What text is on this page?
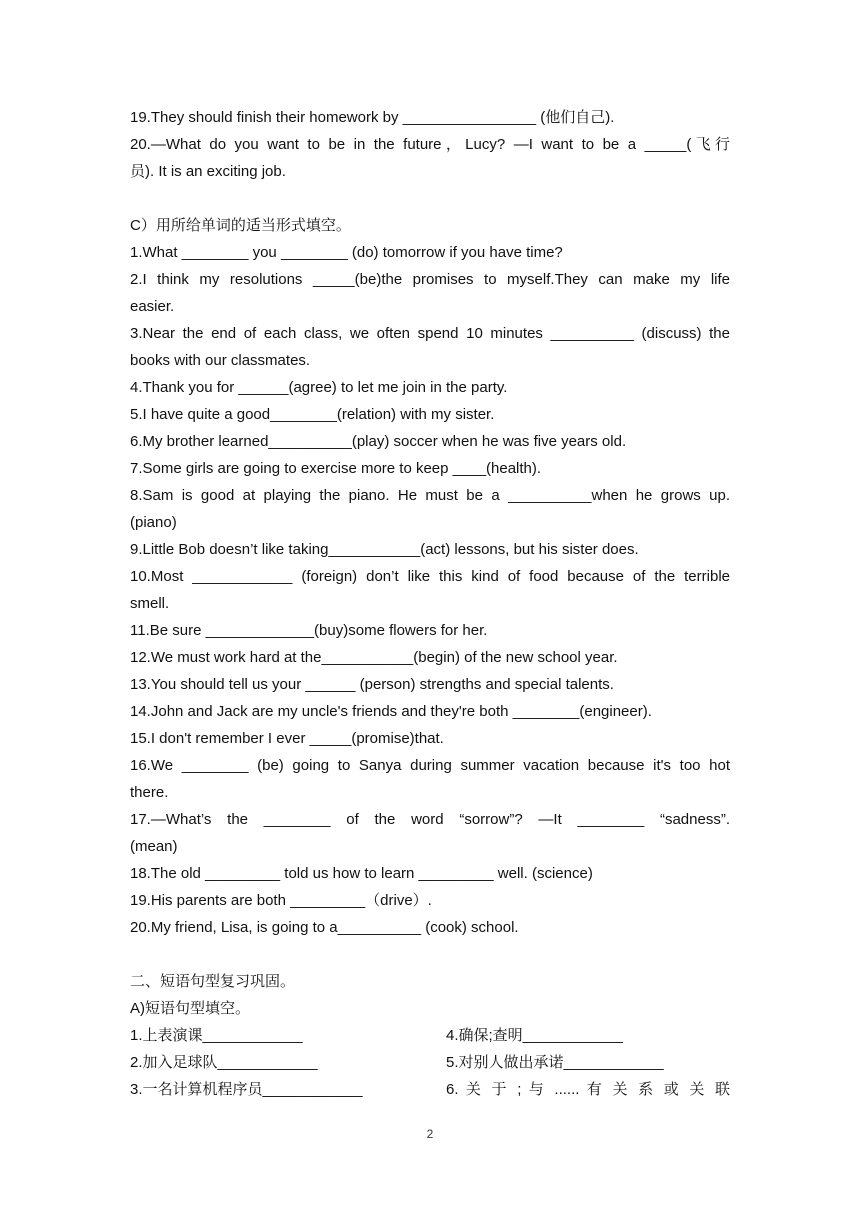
19.They should finish their homework by ________________ (他们自己).
20.—What do you want to be in the future，Lucy? —I want to be a _____(飞行
员). It is an exciting job.
C）用所给单词的适当形式填空。
1.What ________ you ________ (do) tomorrow if you have time?
2.I think my resolutions _____(be)the promises to myself.They can make my life
easier.
3.Near the end of each class, we often spend 10 minutes __________ (discuss) the
books with our classmates.
4.Thank you for ______(agree) to let me join in the party.
5.I have quite a good________(relation) with my sister.
6.My brother learned__________(play) soccer when he was five years old.
7.Some girls are going to exercise more to keep ____(health).
8.Sam is good at playing the piano. He must be a __________when he grows up.
(piano)
9.Little Bob doesn’t like taking___________(act) lessons, but his sister does.
10.Most ____________ (foreign) don’t like this kind of food because of the terrible
smell.
11.Be sure _____________(buy)some flowers for her.
12.We must work hard at the___________(begin) of the new school year.
13.You should tell us your ______ (person) strengths and special talents.
14.John and Jack are my uncle's friends and they're both ________(engineer).
15.I don't remember I ever _____(promise)that.
16.We ________ (be) going to Sanya during summer vacation because it's too hot
there.
17.—What’s the ________ of the word “sorrow”? —It ________ “sadness”.
(mean)
18.The old _________ told us how to learn _________ well. (science)
19.His parents are both _________（drive）.
20.My friend, Lisa, is going to a__________ (cook) school.
二、短语句型复习巩固。
A)短语句型填空。
1.上表演课____________	4.确保;查明____________
2.加入足球队____________	5.对别人做出承诺____________
3.一名计算机程序员____________	6. 关 于 ; 与 ...... 有 关 系 或 关 联
2
